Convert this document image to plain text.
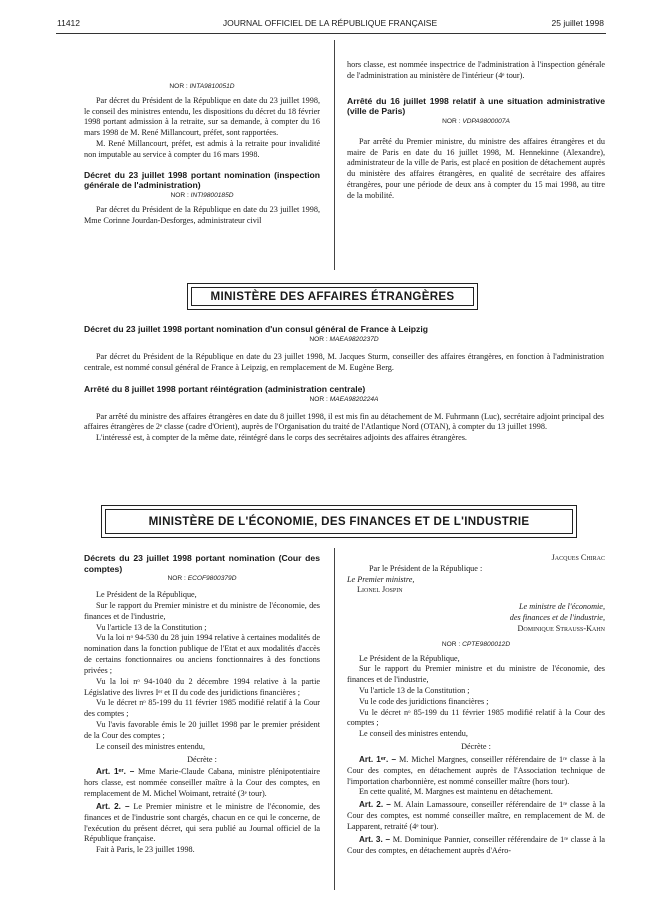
11412	JOURNAL OFFICIEL DE LA RÉPUBLIQUE FRANÇAISE	25 juillet 1998
NOR : INTA9810051D

Par décret du Président de la République en date du 23 juillet 1998, le conseil des ministres entendu, les dispositions du décret du 18 février 1998 portant admission à la retraite, sur sa demande, à compter du 16 mars 1998 de M. René Millancourt, préfet, sont rapportées.

M. René Millancourt, préfet, est admis à la retraite pour invalidité non imputable au service à compter du 16 mars 1998.

Décret du 23 juillet 1998 portant nomination (inspection générale de l'administration)

NOR : INTI9800185D

Par décret du Président de la République en date du 23 juillet 1998, Mme Corinne Jourdan-Desforges, administrateur civil

hors classe, est nommée inspectrice de l'administration à l'inspection générale de l'administration au ministère de l'intérieur (4ᵉ tour).

Arrêté du 16 juillet 1998 relatif à une situation administrative (ville de Paris)

NOR : VDPA9800007A

Par arrêté du Premier ministre, du ministre des affaires étrangères et du maire de Paris en date du 16 juillet 1998, M. Hennekinne (Alexandre), administrateur de la ville de Paris, est placé en position de détachement auprès du ministère des affaires étrangères, en qualité de secrétaire des affaires étrangères, pour une période de deux ans à compter du 15 mai 1998, au titre de la mobilité.

MINISTÈRE DES AFFAIRES ÉTRANGÈRES

Décret du 23 juillet 1998 portant nomination d'un consul général de France à Leipzig

NOR : MAEA9820237D

Par décret du Président de la République en date du 23 juillet 1998, M. Jacques Sturm, conseiller des affaires étrangères, en fonction à l'administration centrale, est nommé consul général de France à Leipzig, en remplacement de M. Eugène Berg.

Arrêté du 8 juillet 1998 portant réintégration (administration centrale)

NOR : MAEA9820224A

Par arrêté du ministre des affaires étrangères en date du 8 juillet 1998, il est mis fin au détachement de M. Fuhrmann (Luc), secrétaire adjoint principal des affaires étrangères de 2ᵉ classe (cadre d'Orient), auprès de l'Organisation du traité de l'Atlantique Nord (OTAN), à compter du 13 juillet 1998.

L'intéressé est, à compter de la même date, réintégré dans le corps des secrétaires adjoints des affaires étrangères.

MINISTÈRE DE L'ÉCONOMIE, DES FINANCES ET DE L'INDUSTRIE

Décrets du 23 juillet 1998 portant nomination (Cour des comptes)

NOR : ECOF9800379D

Le Président de la République,

Sur le rapport du Premier ministre et du ministre de l'économie, des finances et de l'industrie,

Vu l'article 13 de la Constitution ;

Vu la loi nᵒ 94-530 du 28 juin 1994 relative à certaines modalités de nomination dans la fonction publique de l'Etat et aux modalités d'accès de certains fonctionnaires ou anciens fonctionnaires à des fonctions privées ;

Vu la loi nᵒ 94-1040 du 2 décembre 1994 relative à la partie Législative des livres Iᵉʳ et II du code des juridictions financières ;

Vu le décret nᵒ 85-199 du 11 février 1985 modifié relatif à la Cour des comptes ;

Vu l'avis favorable émis le 20 juillet 1998 par le premier président de la Cour des comptes ;

Le conseil des ministres entendu,

Décrète :

Art. 1ᵉʳ. – Mme Marie-Claude Cabana, ministre plénipotentiaire hors classe, est nommée conseiller maître à la Cour des comptes, en remplacement de M. Michel Woimant, retraité (3ᵉ tour).

Art. 2. – Le Premier ministre et le ministre de l'économie, des finances et de l'industrie sont chargés, chacun en ce qui le concerne, de l'exécution du présent décret, qui sera publié au Journal officiel de la République française.

Fait à Paris, le 23 juillet 1998.

Jacques Chirac

Par le Président de la République :

Le Premier ministre,

Lionel Jospin

Le ministre de l'économie,

des finances et de l'industrie,

Dominique Strauss-Kahn

NOR : CPTE9800012D

Le Président de la République,

Sur le rapport du Premier ministre et du ministre de l'économie, des finances et de l'industrie,

Vu l'article 13 de la Constitution ;

Vu le code des juridictions financières ;

Vu le décret nᵒ 85-199 du 11 février 1985 modifié relatif à la Cour des comptes ;

Le conseil des ministres entendu,

Décrète :

Art. 1ᵉʳ. – M. Michel Margnes, conseiller référendaire de 1ʳᵉ classe à la Cour des comptes, en détachement auprès de l'Association technique de l'importation charbonnière, est nommé conseiller maître (hors tour).

En cette qualité, M. Margnes est maintenu en détachement.

Art. 2. – M. Alain Lamassoure, conseiller référendaire de 1ʳᵉ classe à la Cour des comptes, est nommé conseiller maître, en remplacement de M. de Lapparent, retraité (4ᵉ tour).

Art. 3. – M. Dominique Pannier, conseiller référendaire de 1ʳᵉ classe à la Cour des comptes, en détachement auprès d'Aéro-
